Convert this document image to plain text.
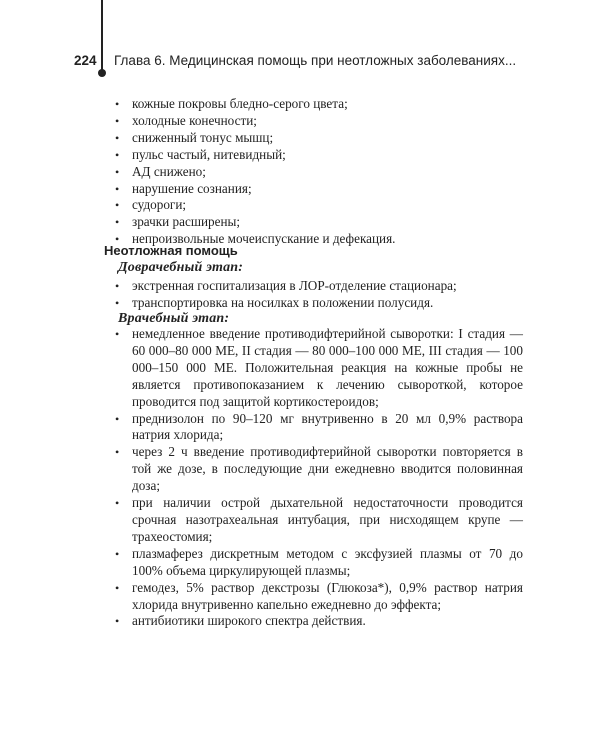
224 Глава 6. Медицинская помощь при неотложных заболеваниях...
• кожные покровы бледно-серого цвета;
• холодные конечности;
• сниженный тонус мышц;
• пульс частый, нитевидный;
• АД снижено;
• нарушение сознания;
• судороги;
• зрачки расширены;
• непроизвольные мочеиспускание и дефекация.
Неотложная помощь
Доврачебный этап:
• экстренная госпитализация в ЛОР-отделение стационара;
• транспортировка на носилках в положении полусидя.
Врачебный этап:
• немедленное введение противодифтерийной сыворотки: I стадия — 60 000–80 000 МЕ, II стадия — 80 000–100 000 МЕ, III стадия — 100 000–150 000 МЕ. Положительная реакция на кожные пробы не является противопоказанием к лечению сывороткой, которое проводится под защитой кортикостероидов;
• преднизолон по 90–120 мг внутривенно в 20 мл 0,9% раствора натрия хлорида;
• через 2 ч введение противодифтерийной сыворотки повторяется в той же дозе, в последующие дни ежедневно вводится половинная доза;
• при наличии острой дыхательной недостаточности проводится срочная назотрахеальная интубация, при нисходящем крупе — трахеостомия;
• плазмаферез дискретным методом с эксфузией плазмы от 70 до 100% объема циркулирующей плазмы;
• гемодез, 5% раствор декстрозы (Глюкоза*), 0,9% раствор натрия хлорида внутривенно капельно ежедневно до эффекта;
• антибиотики широкого спектра действия.
